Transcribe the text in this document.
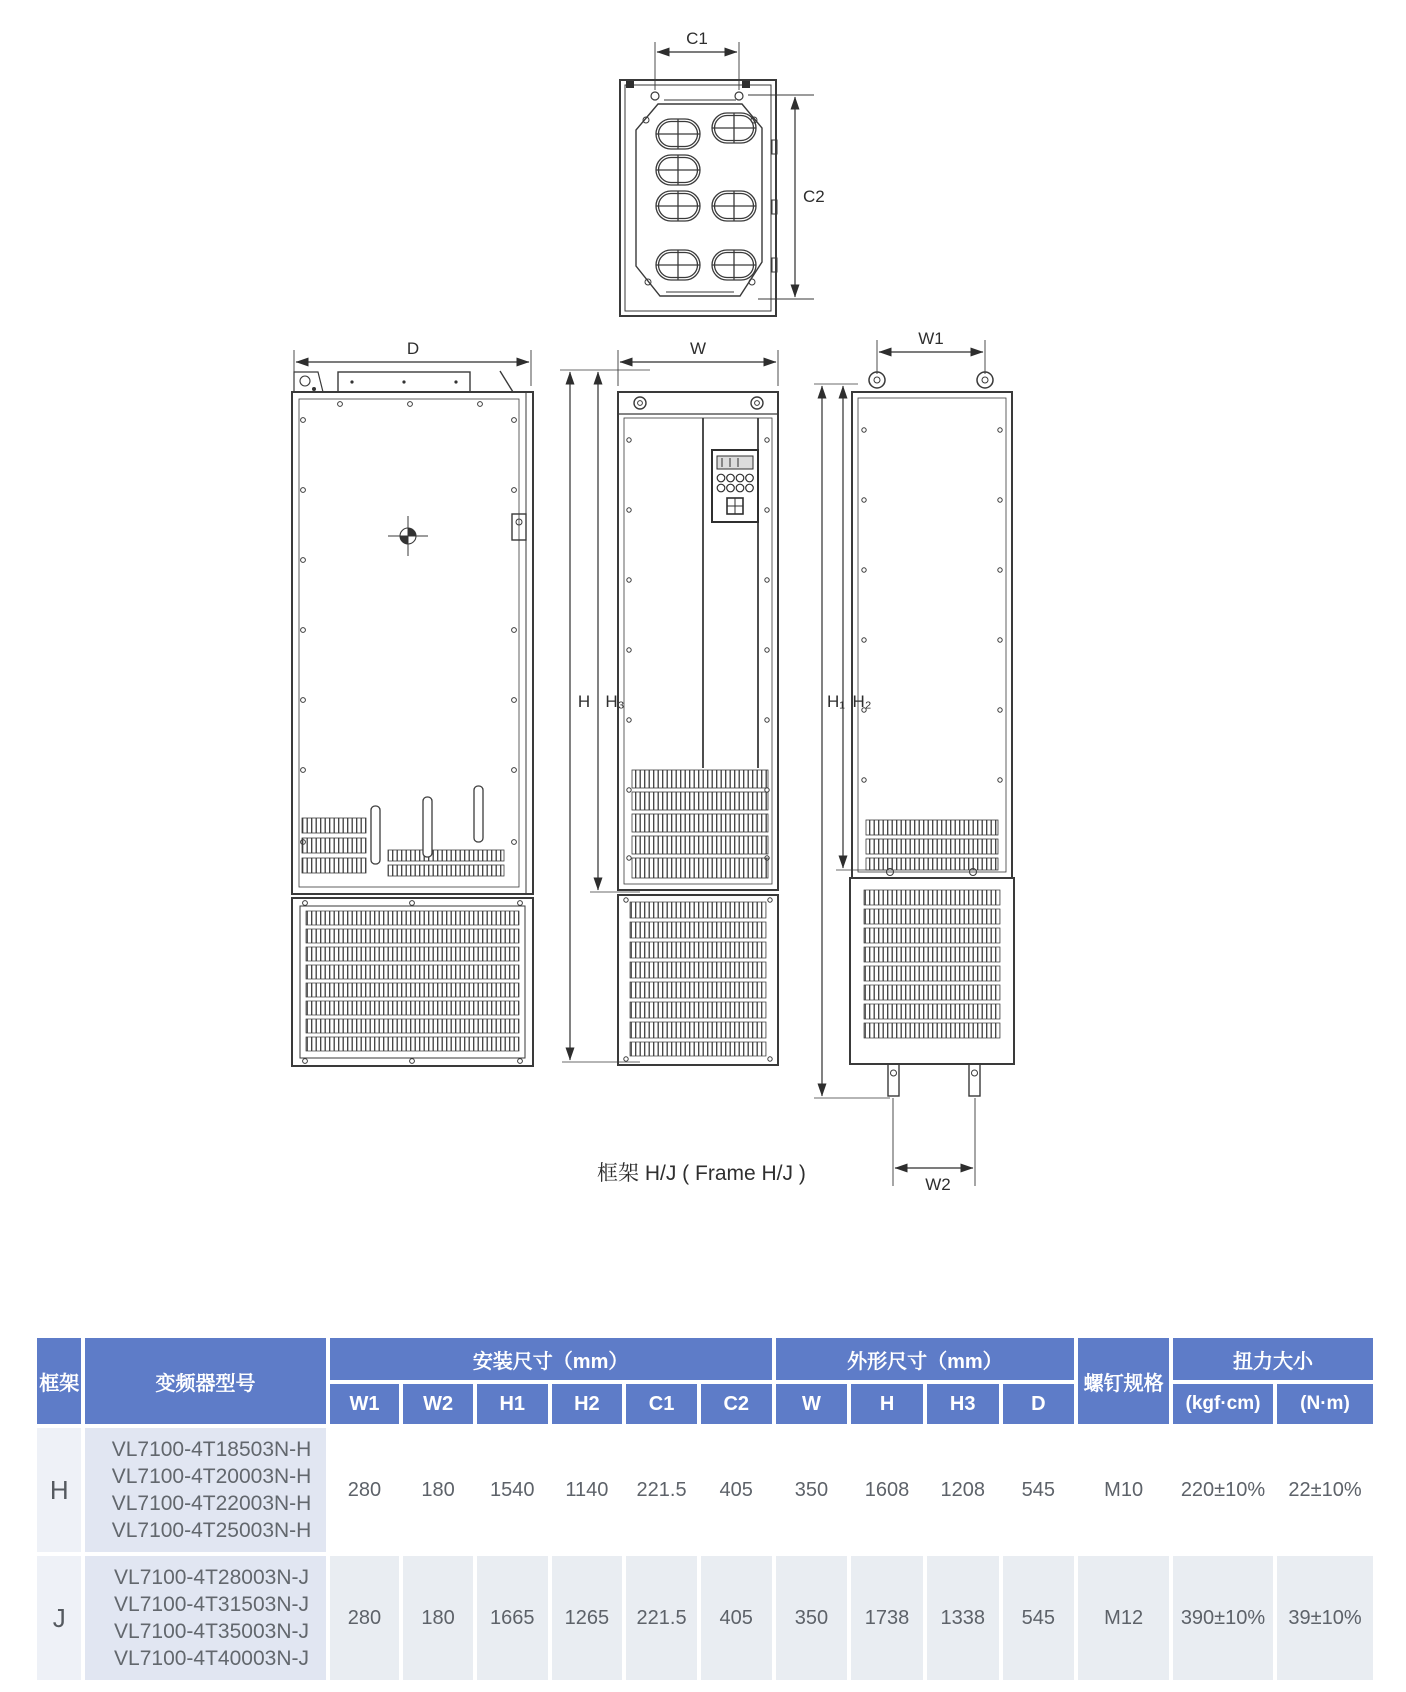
C1
C2
D	W
H H₃
W1
H₁ H₂
W2
框架 H/J ( Frame H/J )
框架	变频器型号	安装尺寸（mm）						外形尺寸（mm）				螺钉规格	扭力大小	
		W1	W2	H1	H2	C1	C2	W	H	H3	D		(kgf·cm)	(N·m)
H	VL7100-4T18503N-H
VL7100-4T20003N-H
VL7100-4T22003N-H
VL7100-4T25003N-H	280	180	1540	1140	221.5	405	350	1608	1208	545	M10	220±10%	22±10%
J	VL7100-4T28003N-J
VL7100-4T31503N-J
VL7100-4T35003N-J
VL7100-4T40003N-J	280	180	1665	1265	221.5	405	350	1738	1338	545	M12	390±10%	39±10%
